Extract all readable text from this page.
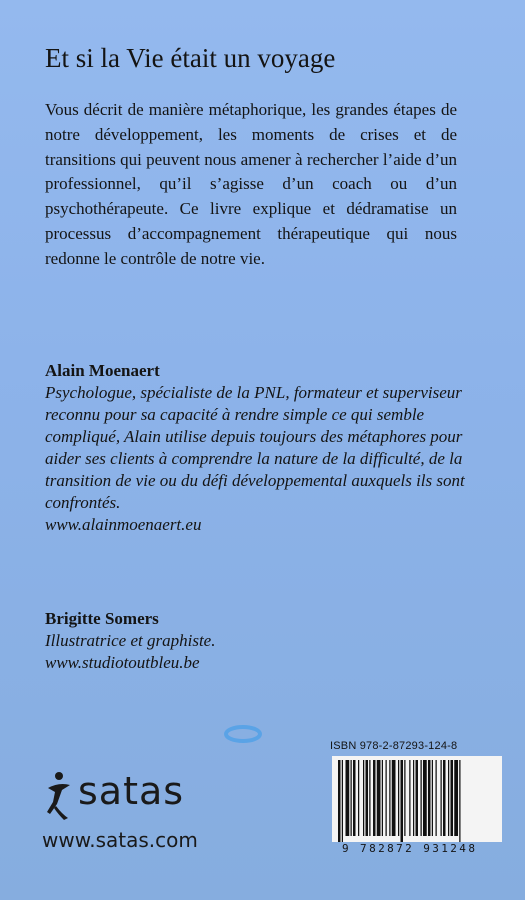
Et si la Vie était un voyage

Vous décrit de manière métaphorique, les grandes étapes de notre développement, les moments de crises et de transitions qui peuvent nous amener à rechercher l’aide d’un professionnel, qu’il s’agisse d’un coach ou d’un psychothérapeute. Ce livre explique et dédramatise un processus d’accompagnement thérapeutique qui nous redonne le contrôle de notre vie.

Alain Moenaert

Psychologue, spécialiste de la PNL, formateur et superviseur reconnu pour sa capacité à rendre simple ce qui semble compliqué, Alain utilise depuis toujours des métaphores pour aider ses clients à comprendre la nature de la difficulté, de la transition de vie ou du défi développemental auxquels ils sont confrontés.

www.alainmoenaert.eu

Brigitte Somers

Illustratrice et graphiste.

www.studiotoutbleu.be

satas
www.satas.com
ISBN 978-2-87293-124-8
9 782872 931248
